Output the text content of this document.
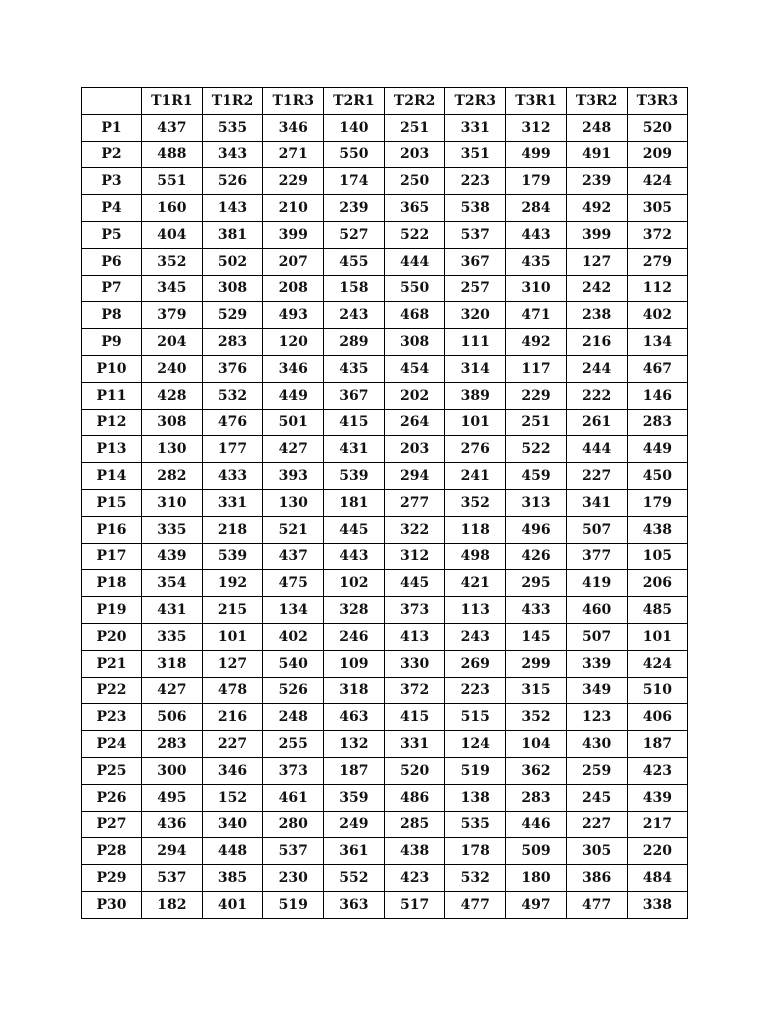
	T1R1	T1R2	T1R3	T2R1	T2R2	T2R3	T3R1	T3R2	T3R3
P1	437	535	346	140	251	331	312	248	520
P2	488	343	271	550	203	351	499	491	209
P3	551	526	229	174	250	223	179	239	424
P4	160	143	210	239	365	538	284	492	305
P5	404	381	399	527	522	537	443	399	372
P6	352	502	207	455	444	367	435	127	279
P7	345	308	208	158	550	257	310	242	112
P8	379	529	493	243	468	320	471	238	402
P9	204	283	120	289	308	111	492	216	134
P10	240	376	346	435	454	314	117	244	467
P11	428	532	449	367	202	389	229	222	146
P12	308	476	501	415	264	101	251	261	283
P13	130	177	427	431	203	276	522	444	449
P14	282	433	393	539	294	241	459	227	450
P15	310	331	130	181	277	352	313	341	179
P16	335	218	521	445	322	118	496	507	438
P17	439	539	437	443	312	498	426	377	105
P18	354	192	475	102	445	421	295	419	206
P19	431	215	134	328	373	113	433	460	485
P20	335	101	402	246	413	243	145	507	101
P21	318	127	540	109	330	269	299	339	424
P22	427	478	526	318	372	223	315	349	510
P23	506	216	248	463	415	515	352	123	406
P24	283	227	255	132	331	124	104	430	187
P25	300	346	373	187	520	519	362	259	423
P26	495	152	461	359	486	138	283	245	439
P27	436	340	280	249	285	535	446	227	217
P28	294	448	537	361	438	178	509	305	220
P29	537	385	230	552	423	532	180	386	484
P30	182	401	519	363	517	477	497	477	338
